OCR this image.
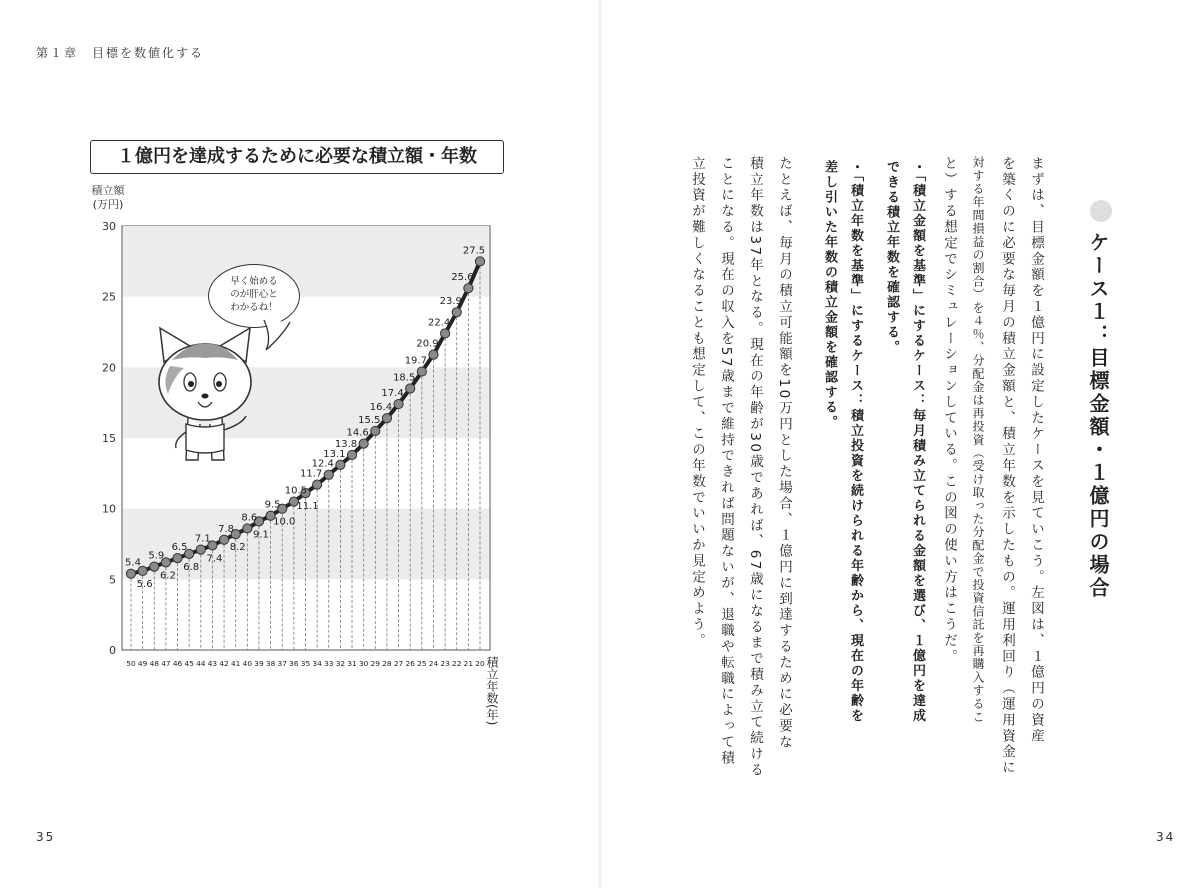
第１章　目標を数値化する
１億円を達成するために必要な積立額・年数
0
5
10
15
20
25
30
5.4
5.6
5.9
6.2
6.5
6.8
7.1
7.4
7.8
8.2
8.6
9.1
9.5
10.0
10.5
11.1
11.7
12.4
13.1
13.8
14.6
15.5
16.4
17.4
18.5
19.7
20.9
22.4
23.9
25.6
27.5
50 49 48 47 46 45 44 43 42 41 40 39 38 37 36 35 34 33 32 31 30 29 28 27 26 25 24 23 22 21 20
積立額
(万円)
早く始める
のが肝心と
わかるね！
積立年数(年)
35
ケース１：目標金額・１億円の場合
まずは、目標金額を１億円に設定したケースを見ていこう。左図は、１億円の資産
を築くのに必要な毎月の積立金額と、積立年数を示したもの。運用利回り（運用資金に
対する年間損益の割合）を４％、分配金は再投資（受け取った分配金で投資信託を再購入するこ
と）する想定でシミュレーションしている。この図の使い方はこうだ。
・「積立金額を基準」にするケース：毎月積み立てられる金額を選び、１億円を達成
できる積立年数を確認する。
・「積立年数を基準」にするケース：積立投資を続けられる年齢から、現在の年齢を
差し引いた年数の積立金額を確認する。
たとえば、毎月の積立可能額を10万円とした場合、１億円に到達するために必要な
積立年数は37年となる。現在の年齢が30歳であれば、67歳になるまで積み立て続ける
ことになる。現在の収入を57歳まで維持できれば問題ないが、退職や転職によって積
立投資が難しくなることも想定して、この年数でいいか見定めよう。
34
